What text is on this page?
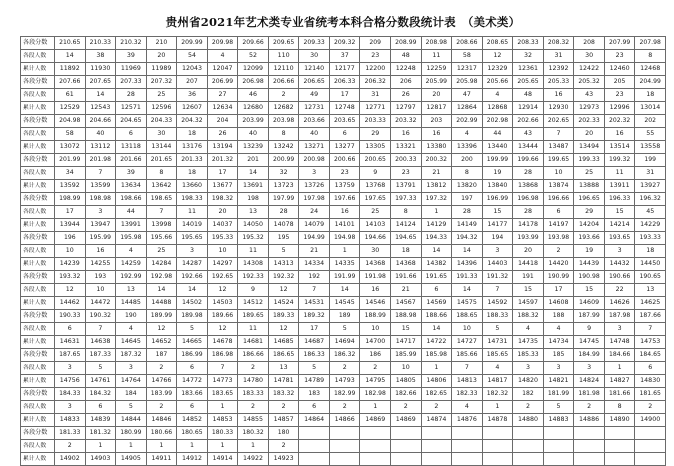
贵州省2021年艺术类专业省统考本科合格分数段统计表　（美术类）
各段分数	210.65	210.33	210.32	210	209.99	209.98	209.66	209.65	209.33	209.32	209	208.99	208.98	208.66	208.65	208.33	208.32	208	207.99	207.98
各段人数	14	38	39	20	54	4	52	110	30	37	23	48	11	58	12	32	31	30	23	8
累计人数	11892	11930	11969	11989	12043	12047	12099	12110	12140	12177	12200	12248	12259	12317	12329	12361	12392	12422	12460	12468
各段分数	207.66	207.65	207.33	207.32	207	206.99	206.98	206.66	206.65	206.33	206.32	206	205.99	205.98	205.66	205.65	205.33	205.32	205	204.99
各段人数	61	14	28	25	36	27	46	2	49	17	31	26	20	47	4	48	16	43	23	18
累计人数	12529	12543	12571	12596	12607	12634	12680	12682	12731	12748	12771	12797	12817	12864	12868	12914	12930	12973	12996	13014
各段分数	204.98	204.66	204.65	204.33	204.32	204	203.99	203.98	203.66	203.65	203.33	203.32	203	202.99	202.98	202.66	202.65	202.33	202.32	202
各段人数	58	40	6	30	18	26	40	8	40	6	29	16	16	4	44	43	7	20	16	55
累计人数	13072	13112	13118	13144	13176	13194	13239	13242	13271	13277	13305	13321	13380	13396	13440	13444	13487	13494	13514	13558
各段分数	201.99	201.98	201.66	201.65	201.33	201.32	201	200.99	200.98	200.66	200.65	200.33	200.32	200	199.99	199.66	199.65	199.33	199.32	199
各段人数	34	7	39	8	18	17	14	32	3	23	9	23	21	8	19	28	10	25	11	31
累计人数	13592	13599	13634	13642	13660	13677	13691	13723	13726	13759	13768	13791	13812	13820	13840	13868	13874	13888	13911	13927
各段分数	198.99	198.98	198.66	198.65	198.33	198.32	198	197.99	197.98	197.66	197.65	197.33	197.32	197	196.99	196.98	196.66	196.65	196.33	196.32
各段人数	17	3	44	7	11	20	13	28	24	16	25	8	1	28	15	28	6	29	15	45
累计人数	13944	13947	13991	13998	14019	14037	14050	14078	14079	14101	14103	14124	14129	14149	14177	14178	14197	14204	14214	14229
各段分数	196	195.99	195.98	195.66	195.65	195.33	195.32	195	194.99	194.98	194.66	194.65	194.33	194.32	194	193.99	193.98	193.66	193.65	193.33
各段人数	10	16	4	25	3	10	11	5	21	1	30	18	14	14	3	20	2	19	3	18
累计人数	14239	14255	14259	14284	14287	14297	14308	14313	14334	14335	14368	14368	14382	14396	14403	14418	14420	14439	14432	14450
各段分数	193.32	193	192.99	192.98	192.66	192.65	192.33	192.32	192	191.99	191.98	191.66	191.65	191.33	191.32	191	190.99	190.98	190.66	190.65
各段人数	12	10	13	14	14	12	9	12	7	14	16	21	6	14	7	15	17	15	22	13
累计人数	14462	14472	14485	14488	14502	14503	14512	14524	14531	14545	14546	14567	14569	14575	14592	14597	14608	14609	14626	14625
各段分数	190.33	190.32	190	189.99	189.98	189.66	189.65	189.33	189.32	189	188.99	188.98	188.66	188.65	188.33	188.32	188	187.99	187.98	187.66
各段人数	6	7	4	12	5	12	11	12	17	5	10	15	14	10	5	4	4	9	3	7
累计人数	14631	14638	14645	14652	14665	14678	14681	14685	14687	14694	14700	14717	14722	14727	14731	14735	14734	14745	14748	14753
各段分数	187.65	187.33	187.32	187	186.99	186.98	186.66	186.65	186.33	186.32	186	185.99	185.98	185.66	185.65	185.33	185	184.99	184.66	184.65
各段人数	3	5	3	2	6	7	2	13	5	2	2	10	1	7	4	3	3	3	1	6
累计人数	14756	14761	14764	14766	14772	14773	14780	14781	14789	14793	14795	14805	14806	14813	14817	14820	14821	14824	14827	14830
各段分数	184.33	184.32	184	183.99	183.66	183.65	183.33	183.32	183	182.99	182.98	182.66	182.65	182.33	182.32	182	181.99	181.98	181.66	181.65
各段人数	3	6	5	2	6	1	2	2	6	2	1	2	2	4	1	2	5	2	8	2
累计人数	14833	14839	14844	14846	14852	14853	14855	14857	14864	14866	14869	14869	14874	14876	14878	14880	14883	14886	14890	14900
各段分数	181.33	181.32	180.99	180.66	180.65	180.33	180.32	180												
各段人数	2	1	1	1	1	1	1	2												
累计人数	14902	14903	14905	14911	14912	14914	14922	14923												
